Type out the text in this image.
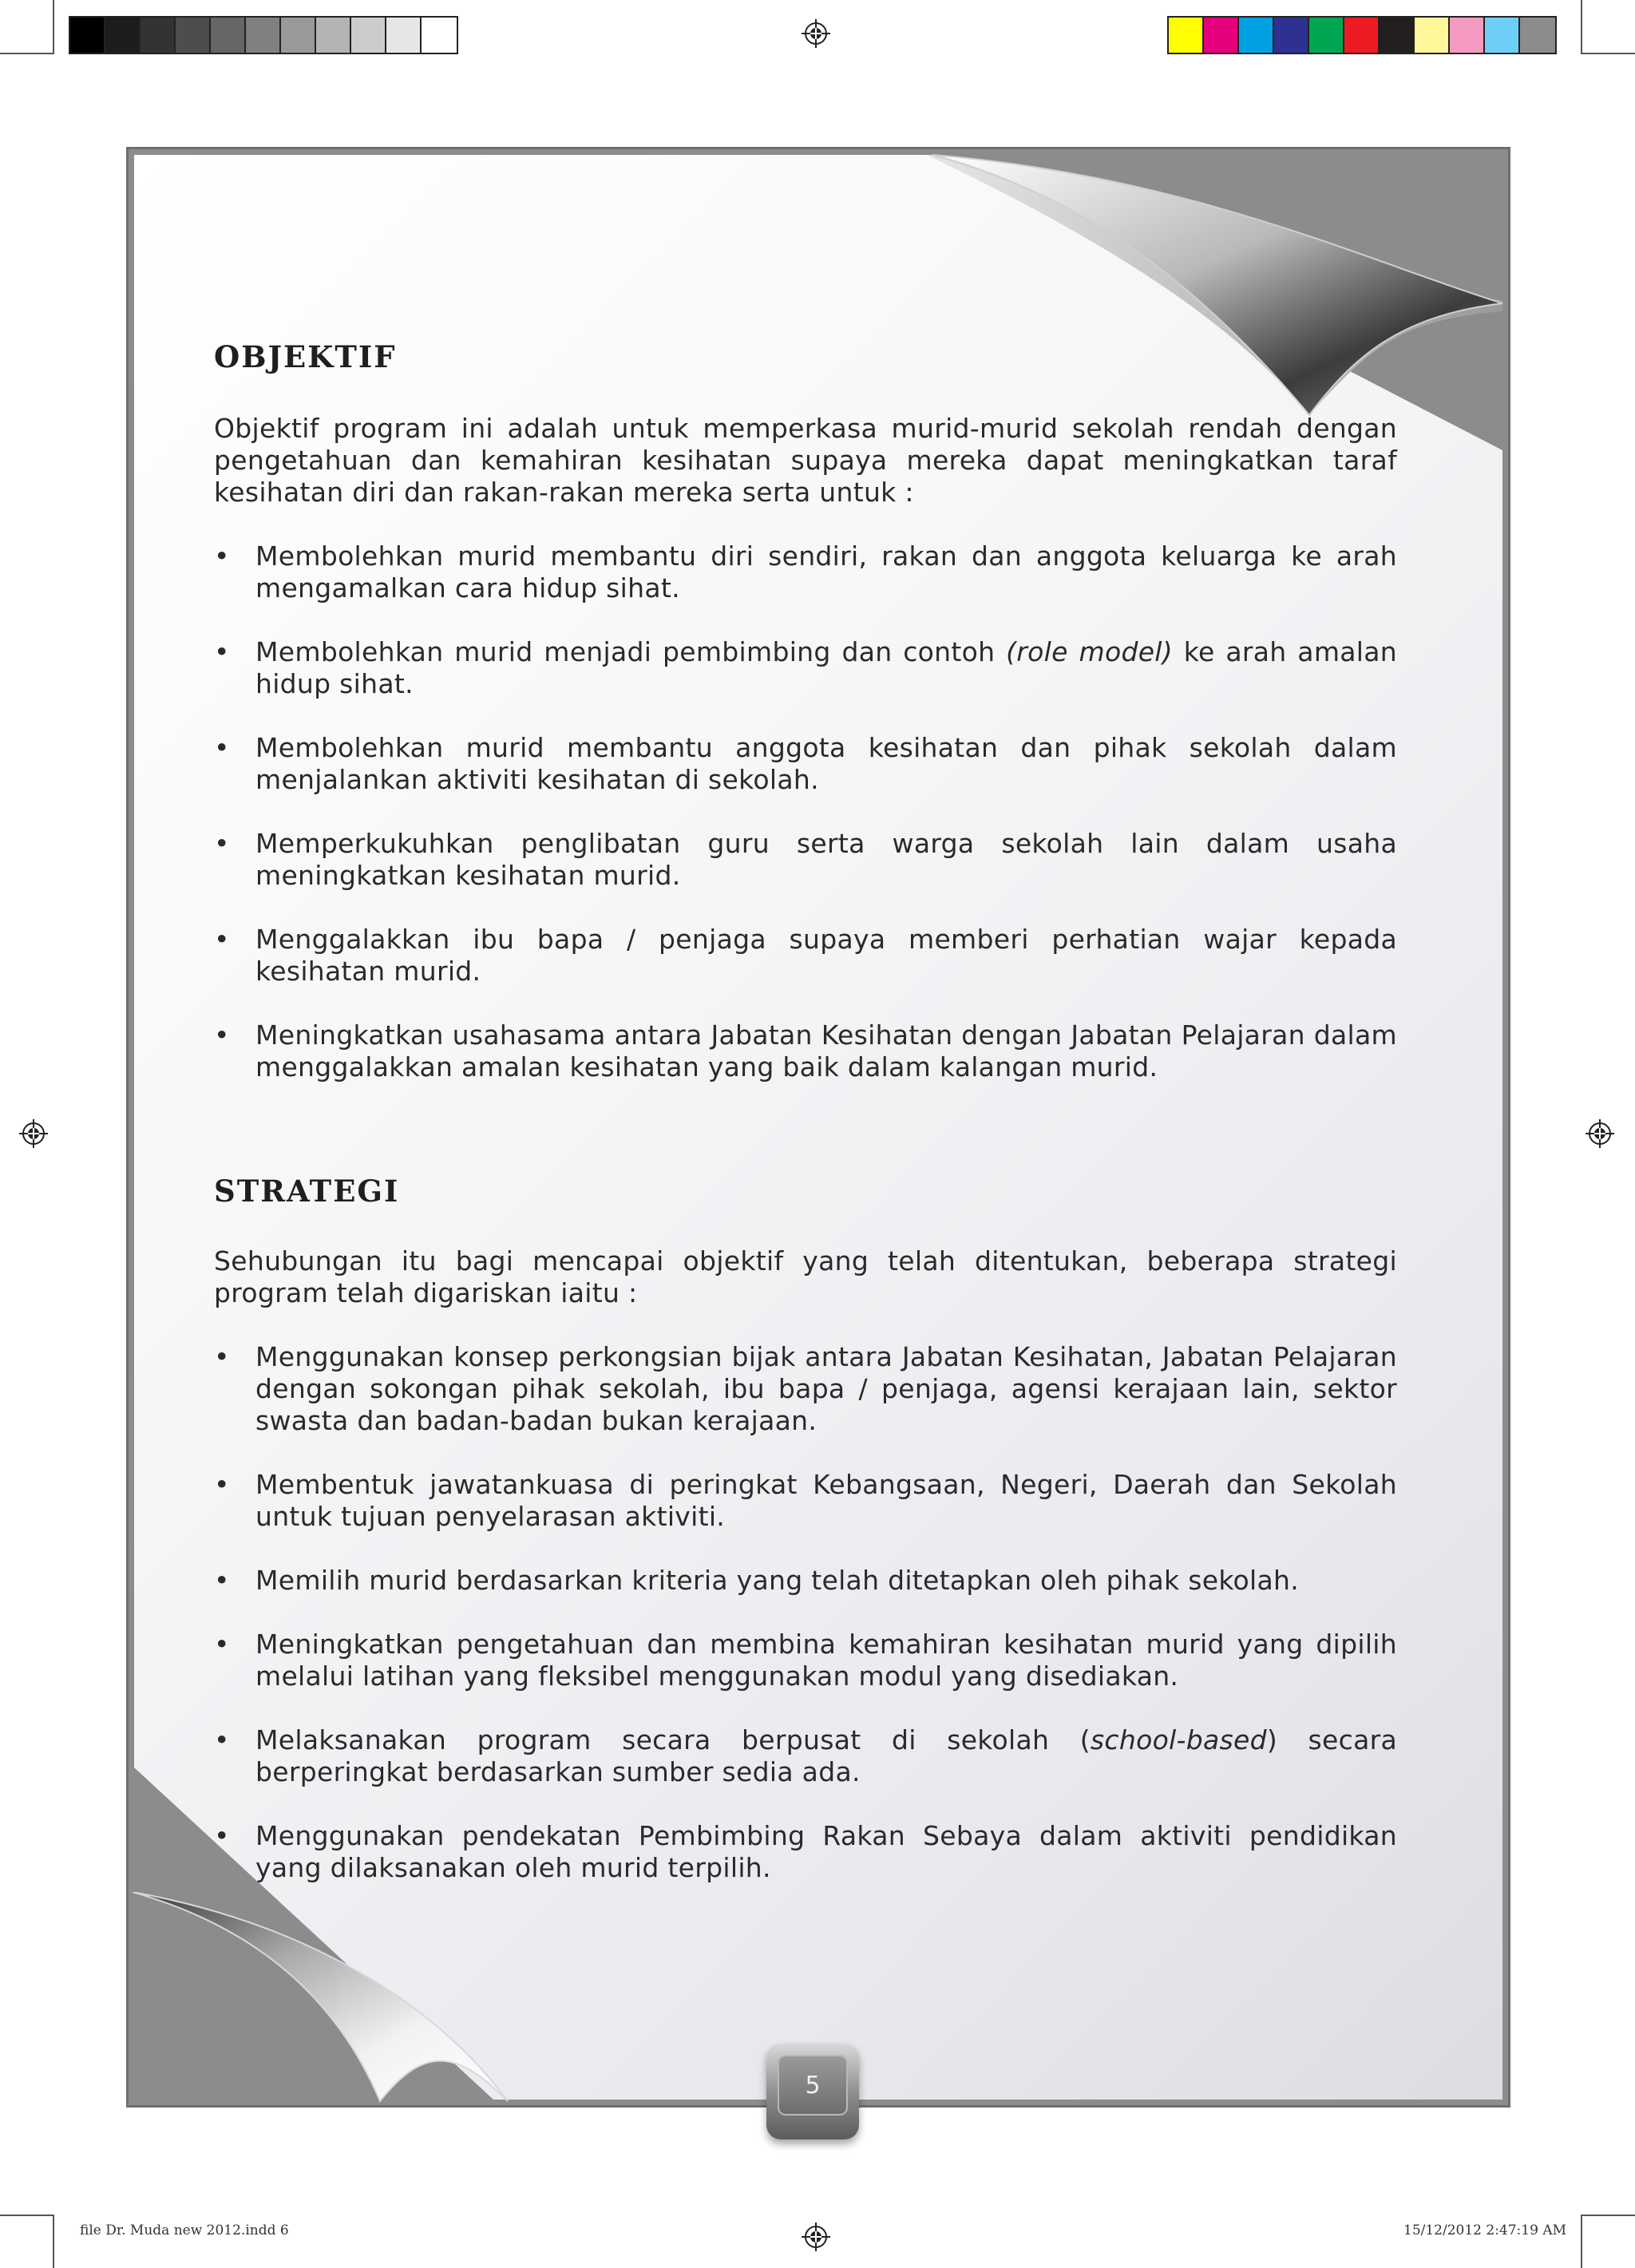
OBJEKTIF

Objektif program ini adalah untuk memperkasa murid-murid sekolah rendah dengan pengetahuan dan kemahiran kesihatan supaya mereka dapat meningkatkan taraf kesihatan diri dan rakan-rakan mereka serta untuk :

• Membolehkan murid membantu diri sendiri, rakan dan anggota keluarga ke arah mengamalkan cara hidup sihat.
• Membolehkan murid menjadi pembimbing dan contoh (role model) ke arah amalan hidup sihat.
• Membolehkan murid membantu anggota kesihatan dan pihak sekolah dalam menjalankan aktiviti kesihatan di sekolah.
• Memperkukuhkan penglibatan guru serta warga sekolah lain dalam usaha meningkatkan kesihatan murid.
• Menggalakkan ibu bapa / penjaga supaya memberi perhatian wajar kepada kesihatan murid.
• Meningkatkan usahasama antara Jabatan Kesihatan dengan Jabatan Pelajaran dalam menggalakkan amalan kesihatan yang baik dalam kalangan murid.
STRATEGI

Sehubungan itu bagi mencapai objektif yang telah ditentukan, beberapa strategi program telah digariskan iaitu :

• Menggunakan konsep perkongsian bijak antara Jabatan Kesihatan, Jabatan Pelajaran dengan sokongan pihak sekolah, ibu bapa / penjaga, agensi kerajaan lain, sektor swasta dan badan-badan bukan kerajaan.
• Membentuk jawatankuasa di peringkat Kebangsaan, Negeri, Daerah dan Sekolah untuk tujuan penyelarasan aktiviti.
• Memilih murid berdasarkan kriteria yang telah ditetapkan oleh pihak sekolah.
• Meningkatkan pengetahuan dan membina kemahiran kesihatan murid yang dipilih melalui latihan yang fleksibel menggunakan modul yang disediakan.
• Melaksanakan program secara berpusat di sekolah (school-based) secara berperingkat berdasarkan sumber sedia ada.
• Menggunakan pendekatan Pembimbing Rakan Sebaya dalam aktiviti pendidikan yang dilaksanakan oleh murid terpilih.
5
file Dr. Muda new 2012.indd 6	15/12/2012 2:47:19 AM
